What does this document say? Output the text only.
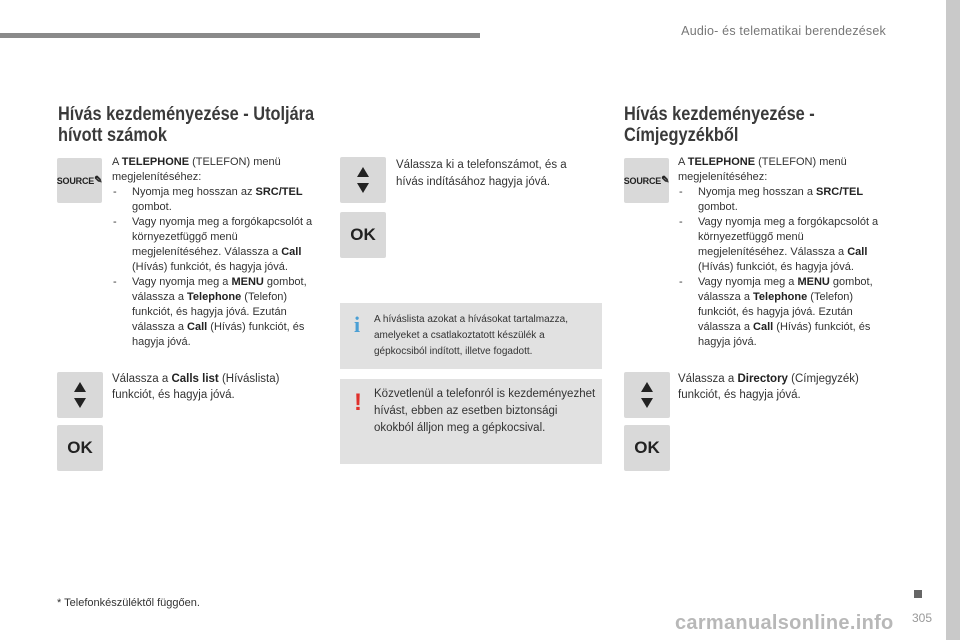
Audio- és telematikai berendezések
Hívás kezdeményezése - Utoljára
hívott számok
SOURCE ✎
A TELEPHONE (TELEFON) menü megjelenítéséhez:
- Nyomja meg hosszan az SRC/TEL gombot.
- Vagy nyomja meg a forgókapcsolót a környezetfüggő menü megjelenítéséhez. Válassza a Call (Hívás) funkciót, és hagyja jóvá.
- Vagy nyomja meg a MENU gombot, válassza a Telephone (Telefon) funkciót, és hagyja jóvá. Ezután válassza a Call (Hívás) funkciót, és hagyja jóvá.
Válassza a Calls list (Híváslista) funkciót, és hagyja jóvá.
OK
OK
Válassza ki a telefonszámot, és a hívás indításához hagyja jóvá.
i A híváslista azokat a hívásokat tartalmazza, amelyeket a csatlakoztatott készülék a gépkocsiból indított, illetve fogadott.
! Közvetlenül a telefonról is kezdeményezhet hívást, ebben az esetben biztonsági okokból álljon meg a gépkocsival.
Hívás kezdeményezése -
Címjegyzékből
SOURCE ✎
A TELEPHONE (TELEFON) menü megjelenítéséhez:
- Nyomja meg hosszan a SRC/TEL gombot.
- Vagy nyomja meg a forgókapcsolót a környezetfüggő menü megjelenítéséhez. Válassza a Call (Hívás) funkciót, és hagyja jóvá.
- Vagy nyomja meg a MENU gombot, válassza a Telephone (Telefon) funkciót, és hagyja jóvá. Ezután válassza a Call (Hívás) funkciót, és hagyja jóvá.
Válassza a Directory (Címjegyzék) funkciót, és hagyja jóvá.
OK
* Telefonkészüléktől függően.
carmanualsonline.info 305
